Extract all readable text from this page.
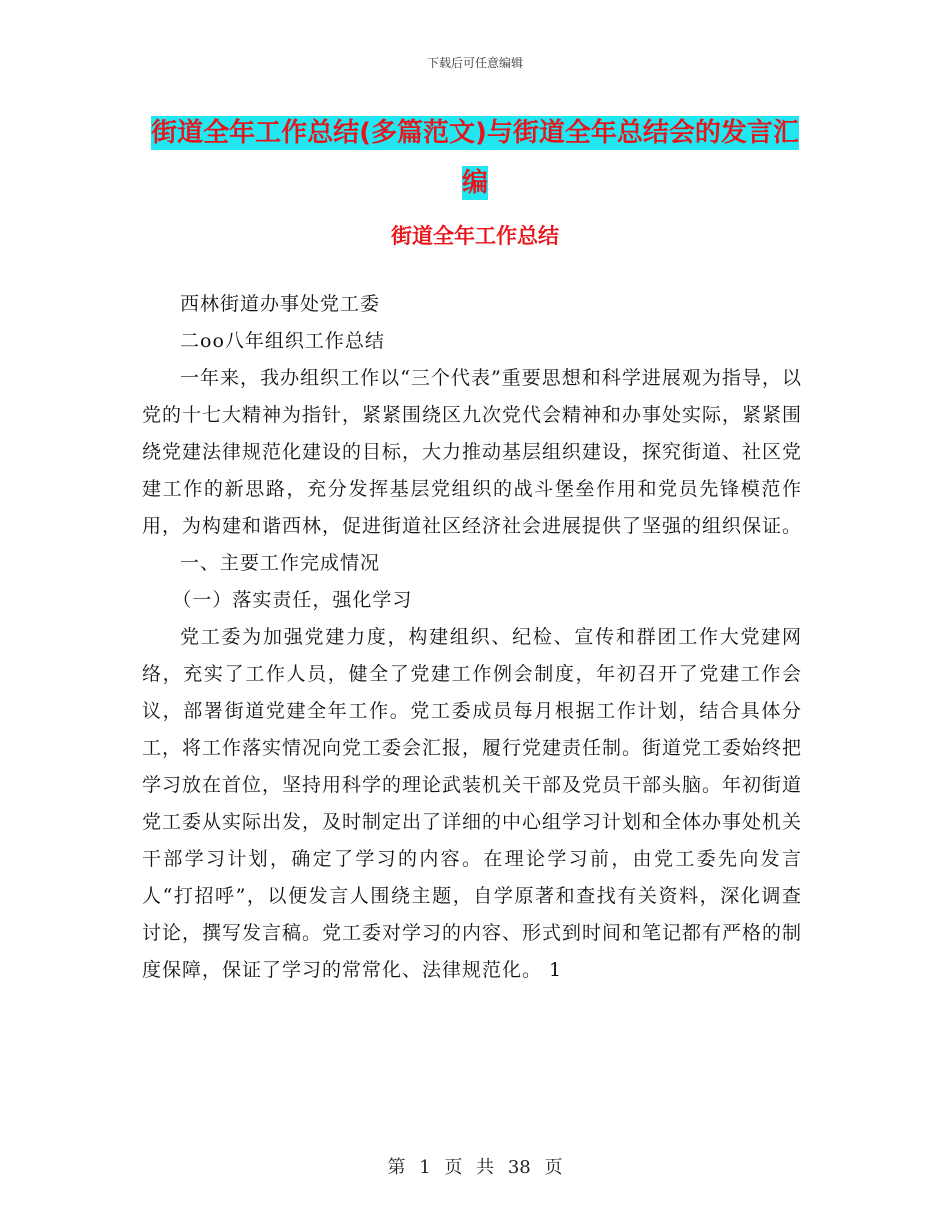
下载后可任意编辑
街道全年工作总结(多篇范文)与街道全年总结会的发言汇编
街道全年工作总结

西林街道办事处党工委

二oo八年组织工作总结

一年来，我办组织工作以“三个代表”重要思想和科学进展观为指导，以党的十七大精神为指针，紧紧围绕区九次党代会精神和办事处实际，紧紧围绕党建法律规范化建设的目标，大力推动基层组织建设，探究街道、社区党建工作的新思路，充分发挥基层党组织的战斗堡垒作用和党员先锋模范作用，为构建和谐西林，促进街道社区经济社会进展提供了坚强的组织保证。

一、主要工作完成情况

（一）落实责任，强化学习

党工委为加强党建力度，构建组织、纪检、宣传和群团工作大党建网络，充实了工作人员，健全了党建工作例会制度，年初召开了党建工作会议，部署街道党建全年工作。党工委成员每月根据工作计划，结合具体分工，将工作落实情况向党工委会汇报，履行党建责任制。街道党工委始终把学习放在首位，坚持用科学的理论武装机关干部及党员干部头脑。年初街道党工委从实际出发，及时制定出了详细的中心组学习计划和全体办事处机关干部学习计划，确定了学习的内容。在理论学习前，由党工委先向发言人“打招呼”，以便发言人围绕主题，自学原著和查找有关资料，深化调查讨论，撰写发言稿。党工委对学习的内容、形式到时间和笔记都有严格的制度保障，保证了学习的常常化、法律规范化。 1

第 1 页 共 38 页
